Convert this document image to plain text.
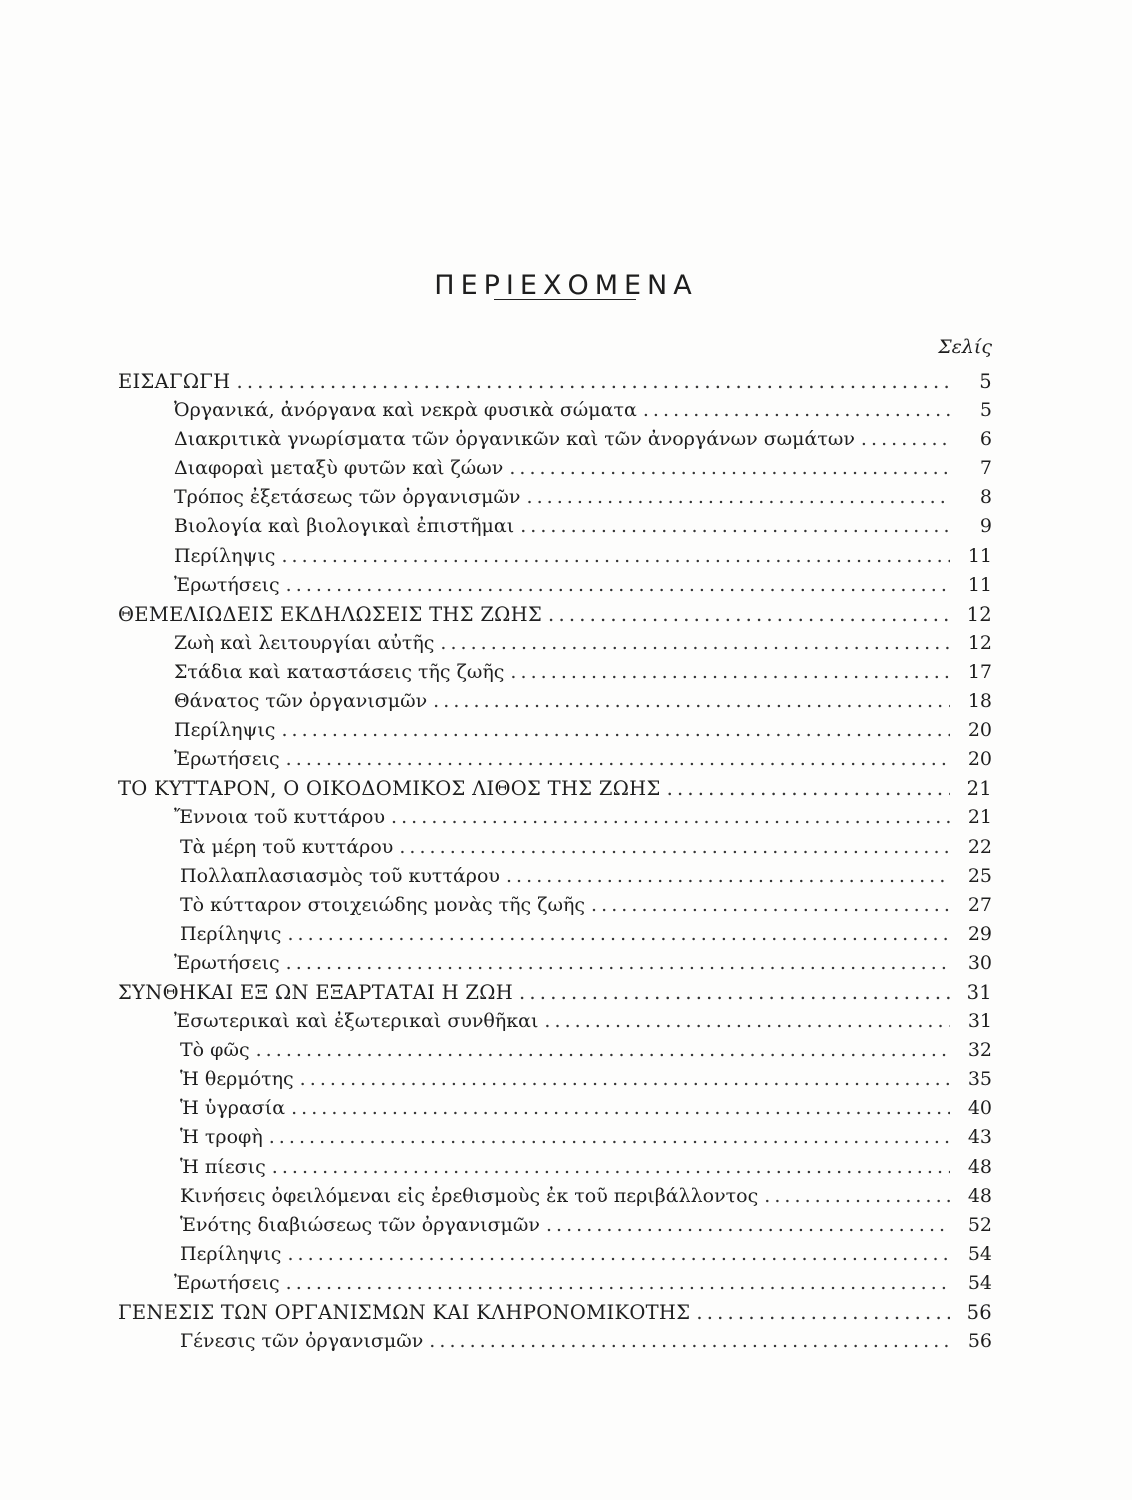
ΠΕΡΙΕΧΟΜΕΝΑ
Σελίς
ΕΙΣΑΓΩΓΗ . . .	5
Ὀργανικά, ἀνόργανα καὶ νεκρὰ φυσικὰ σώματα . . .	5
Διακριτικὰ γνωρίσματα τῶν ὀργανικῶν καὶ τῶν ἀνοργάνων σωμάτων . . .	6
Διαφοραὶ μεταξὺ φυτῶν καὶ ζώων . . .	7
Τρόπος ἐξετάσεως τῶν ὀργανισμῶν . . .	8
Βιολογία καὶ βιολογικαὶ ἐπιστῆμαι . . .	9
Περίληψις . . .	11
Ἐρωτήσεις . . .	11
ΘΕΜΕΛΙΩΔΕΙΣ ΕΚΔΗΛΩΣΕΙΣ ΤΗΣ ΖΩΗΣ . . .	12
Ζωὴ καὶ λειτουργίαι αὐτῆς . . .	12
Στάδια καὶ καταστάσεις τῆς ζωῆς . . .	17
Θάνατος τῶν ὀργανισμῶν . . .	18
Περίληψις . . .	20
Ἐρωτήσεις . . .	20
ΤΟ ΚΥΤΤΑΡΟΝ, Ο ΟΙΚΟΔΟΜΙΚΟΣ ΛΙΘΟΣ ΤΗΣ ΖΩΗΣ . . .	21
Ἔννοια τοῦ κυττάρου . . .	21
Τὰ μέρη τοῦ κυττάρου . . .	22
Πολλαπλασιασμὸς τοῦ κυττάρου . . .	25
Τὸ κύτταρον στοιχειώδης μονὰς τῆς ζωῆς . . .	27
Περίληψις . . .	29
Ἐρωτήσεις . . .	30
ΣΥΝΘΗΚΑΙ ΕΞ ΩΝ ΕΞΑΡΤΑΤΑΙ Η ΖΩΗ . . .	31
Ἐσωτερικαὶ καὶ ἐξωτερικαὶ συνθῆκαι . . .	31
Τὸ φῶς . . .	32
Ἡ θερμότης . . .	35
Ἡ ὑγρασία . . .	40
Ἡ τροφὴ . . .	43
Ἡ πίεσις . . .	48
Κινήσεις ὀφειλόμεναι εἰς ἐρεθισμοὺς ἐκ τοῦ περιβάλλοντος . . .	48
Ἑνότης διαβιώσεως τῶν ὀργανισμῶν . . .	52
Περίληψις . . .	54
Ἐρωτήσεις . . .	54
ΓΕΝΕΣΙΣ ΤΩΝ ΟΡΓΑΝΙΣΜΩΝ ΚΑΙ ΚΛΗΡΟΝΟΜΙΚΟΤΗΣ . . .	56
Γένεσις τῶν ὀργανισμῶν . . .	56
